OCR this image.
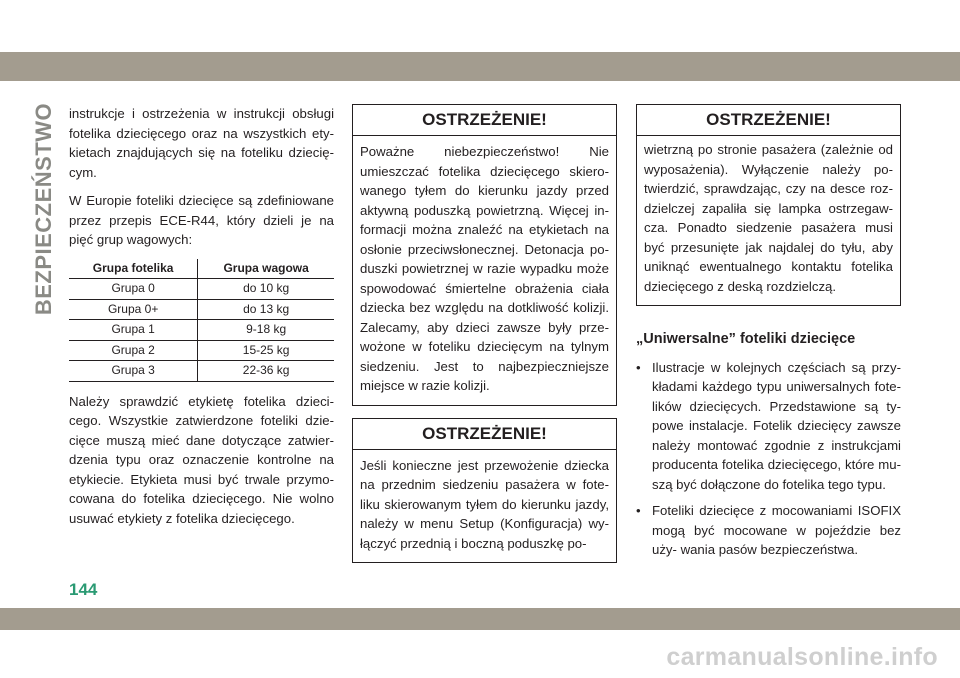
BEZPIECZEŃSTWO instrukcje i ostrzeżenia w instrukcji obsługi fotelika dziecięcego oraz na wszystkich ety- kietach znajdujących się na foteliku dziecię- cym.

W Europie foteliki dziecięce są zdefiniowane przez przepis ECE-R44, który dzieli je na pięć grup wagowych:

Grupa fotelika	Grupa wagowa
Grupa 0	do 10 kg
Grupa 0+	do 13 kg
Grupa 1	9-18 kg
Grupa 2	15-25 kg
Grupa 3	22-36 kg

Należy sprawdzić etykietę fotelika dzieci- cego. Wszystkie zatwierdzone foteliki dzie- cięce muszą mieć dane dotyczące zatwier- dzenia typu oraz oznaczenie kontrolne na etykiecie. Etykieta musi być trwale przymo- cowana do fotelika dziecięcego. Nie wolno usuwać etykiety z fotelika dziecięcego.

OSTRZEŻENIE!
Poważne niebezpieczeństwo! Nie umieszczać fotelika dziecięcego skiero- wanego tyłem do kierunku jazdy przed aktywną poduszką powietrzną. Więcej in- formacji można znaleźć na etykietach na osłonie przeciwsłonecznej. Detonacja po- duszki powietrznej w razie wypadku może spowodować śmiertelne obrażenia ciała dziecka bez względu na dotkliwość kolizji. Zalecamy, aby dzieci zawsze były prze- wożone w foteliku dziecięcym na tylnym siedzeniu. Jest to najbezpieczniejsze miejsce w razie kolizji.
OSTRZEŻENIE!
Jeśli konieczne jest przewożenie dziecka na przednim siedzeniu pasażera w fote- liku skierowanym tyłem do kierunku jazdy, należy w menu Setup (Konfiguracja) wy- łączyć przednią i boczną poduszkę po-
OSTRZEŻENIE!
wietrzną po stronie pasażera (zależnie od wyposażenia). Wyłączenie należy po- twierdzić, sprawdzając, czy na desce roz- dzielczej zapaliła się lampka ostrzegaw- cza. Ponadto siedzenie pasażera musi być przesunięte jak najdalej do tyłu, aby uniknąć ewentualnego kontaktu fotelika dziecięcego z deską rozdzielczą.
„Uniwersalne” foteliki dziecięce
• Ilustracje w kolejnych częściach są przy- kładami każdego typu uniwersalnych fote- lików dziecięcych. Przedstawione są ty- powe instalacje. Fotelik dziecięcy zawsze należy montować zgodnie z instrukcjami producenta fotelika dziecięcego, które mu- szą być dołączone do fotelika tego typu.
• Foteliki dziecięce z mocowaniami ISOFIX mogą być mocowane w pojeździe bez uży- wania pasów bezpieczeństwa.
144
carmanualsonline.info
